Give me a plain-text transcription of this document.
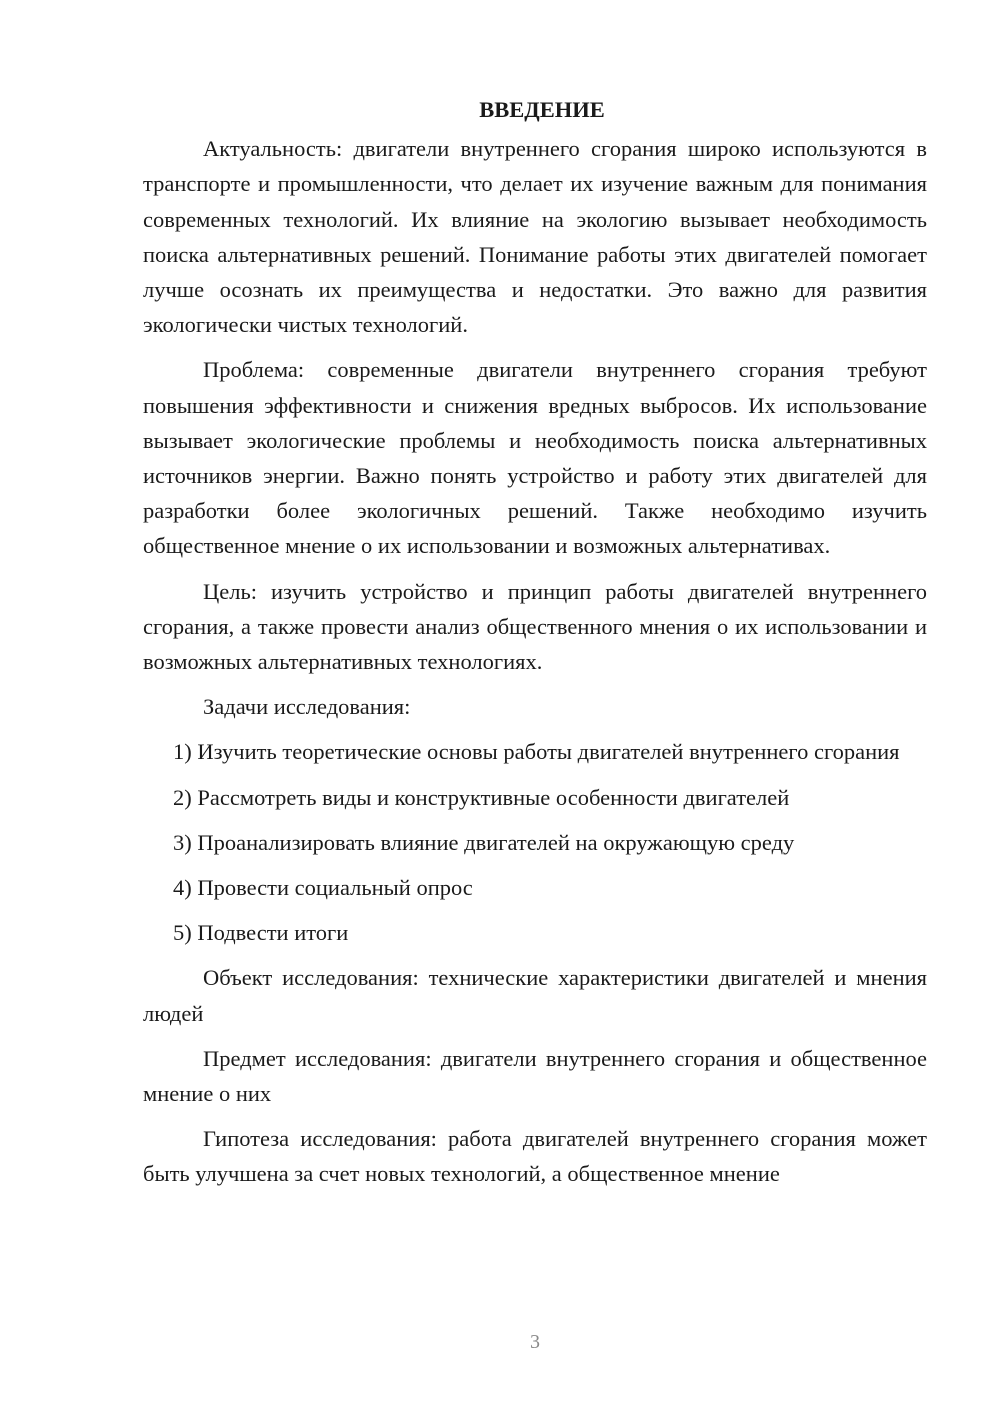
ВВЕДЕНИЕ

Актуальность: двигатели внутреннего сгорания широко используются в транспорте и промышленности, что делает их изучение важным для понимания современных технологий. Их влияние на экологию вызывает необходимость поиска альтернативных решений. Понимание работы этих двигателей помогает лучше осознать их преимущества и недостатки. Это важно для развития экологически чистых технологий.

Проблема: современные двигатели внутреннего сгорания требуют повышения эффективности и снижения вредных выбросов. Их использование вызывает экологические проблемы и необходимость поиска альтернативных источников энергии. Важно понять устройство и работу этих двигателей для разработки более экологичных решений. Также необходимо изучить общественное мнение о их использовании и возможных альтернативах.

Цель: изучить устройство и принцип работы двигателей внутреннего сгорания, а также провести анализ общественного мнения о их использовании и возможных альтернативных технологиях.

Задачи исследования:

1) Изучить теоретические основы работы двигателей внутреннего сгорания

2) Рассмотреть виды и конструктивные особенности двигателей

3) Проанализировать влияние двигателей на окружающую среду

4) Провести социальный опрос

5) Подвести итоги

Объект исследования: технические характеристики двигателей и мнения людей

Предмет исследования: двигатели внутреннего сгорания и общественное мнение о них

Гипотеза исследования: работа двигателей внутреннего сгорания может быть улучшена за счет новых технологий, а общественное мнение

3
